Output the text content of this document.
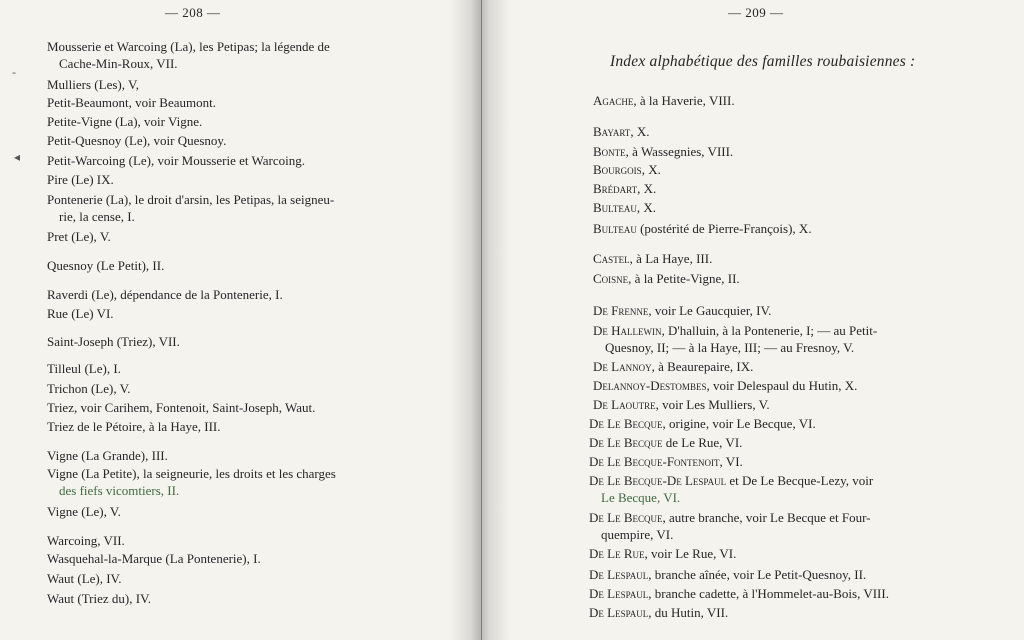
— 208 —
Mousserie et Warcoing (La), les Petipas; la légende de
Cache-Min-Roux, VII.
Mulliers (Les), V,
Petit-Beaumont, voir Beaumont.
Petite-Vigne (La), voir Vigne.
Petit-Quesnoy (Le), voir Quesnoy.
Petit-Warcoing (Le), voir Mousserie et Warcoing.
Pire (Le) IX.
Pontenerie (La), le droit d'arsin, les Petipas, la seigneu-
rie, la cense, I.
Pret (Le), V.
Quesnoy (Le Petit), II.
Raverdi (Le), dépendance de la Pontenerie, I.
Rue (Le) VI.
Saint-Joseph (Triez), VII.
Tilleul (Le), I.
Trichon (Le), V.
Triez, voir Carihem, Fontenoit, Saint-Joseph, Waut.
Triez de le Pétoire, à la Haye, III.
Vigne (La Grande), III.
Vigne (La Petite), la seigneurie, les droits et les charges
des fiefs vicomtiers, II.
Vigne (Le), V.
Warcoing, VII.
Wasquehal-la-Marque (La Pontenerie), I.
Waut (Le), IV.
Waut (Triez du), IV.
— 209 —
Index alphabétique des familles roubaisiennes :
Agache, à la Haverie, VIII.
Bayart, X.
Bonte, à Wassegnies, VIII.
Bourgois, X.
Brédart, X.
Bulteau, X.
Bulteau (postérité de Pierre-François), X.
Castel, à La Haye, III.
Coisne, à la Petite-Vigne, II.
De Frenne, voir Le Gaucquier, IV.
De Hallewin, D'halluin, à la Pontenerie, I; — au Petit-
Quesnoy, II; — à la Haye, III; — au Fresnoy, V.
De Lannoy, à Beaurepaire, IX.
Delannoy-Destombes, voir Delespaul du Hutin, X.
De Laoutre, voir Les Mulliers, V.
De Le Becque, origine, voir Le Becque, VI.
De Le Becque de Le Rue, VI.
De Le Becque-Fontenoit, VI.
De Le Becque-De Lespaul et De Le Becque-Lezy, voir
Le Becque, VI.
De Le Becque, autre branche, voir Le Becque et Four-
quempire, VI.
De Le Rue, voir Le Rue, VI.
De Lespaul, branche aînée, voir Le Petit-Quesnoy, II.
De Lespaul, branche cadette, à l'Hommelet-au-Bois, VIII.
De Lespaul, du Hutin, VII.
-
◂
